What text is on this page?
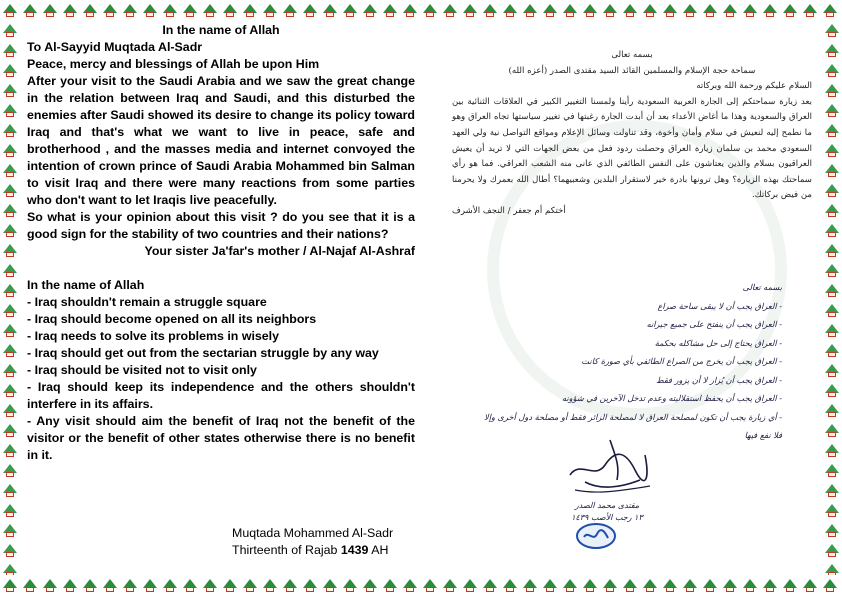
In the name of Allah

To Al-Sayyid Muqtada Al-Sadr

Peace, mercy and blessings of Allah be upon Him

After your visit to the Saudi Arabia and we saw the great change in the relation between Iraq and Saudi, and this disturbed the enemies after Saudi showed its desire to change its policy toward Iraq and that's what we want to live in peace, safe and brotherhood , and the masses media and internet convoyed the intention of crown prince of Saudi Arabia Mohammed bin Salman to visit Iraq and there were many reactions from some parties who don't want to let Iraqis live peacefully.

So what is your opinion about this visit ? do you see that it is a good sign for the stability of two countries and their nations?

Your sister Ja'far's mother / Al-Najaf Al-Ashraf

In the name of Allah

- Iraq shouldn't remain a struggle square
- Iraq should become opened on all its neighbors
- Iraq needs to solve its problems in wisely
- Iraq should get out from the sectarian struggle by any way
- Iraq should be visited not to visit only
- Iraq should keep its independence and the others shouldn't interfere in its affairs.
- Any visit should aim the benefit of Iraq not the benefit of the visitor or the benefit of other states otherwise there is no benefit in it.
Muqtada Mohammed Al-Sadr
Thirteenth of Rajab 1439 AH
بسمه تعالى
سماحة حجة الإسلام والمسلمين القائد السيد مقتدى الصدر (أعزه الله)
السلام عليكم ورحمة الله وبركاته
بعد زيارة سماحتكم إلى الجارة العربية السعودية رأينا ولمسنا التغيير الكبير في العلاقات الثنائية بين العراق والسعودية وهذا ما أغاض الأعداء بعد أن أبدت الجارة رغبتها في تغيير سياستها تجاه العراق وهو ما نطمح إليه لنعيش في سلام وأمان وأخوة، وقد تناولت وسائل الإعلام ومواقع التواصل نية ولي العهد السعودي محمد بن سلمان زيارة العراق وحصلت ردود فعل من بعض الجهات التي لا تريد أن يعيش العراقيون بسلام والذين يعتاشون على النفس الطائفي الذي عانى منه الشعب العراقي. فما هو رأي سماحتك بهذه الزيارة؟ وهل ترونها بادرة خير لاستقرار البلدين وشعبيهما؟ أطال الله بعمرك ولا يحرمنا من فيض بركاتك.
أختكم أم جعفر / النجف الأشرف
بسمه تعالى
- العراق يجب أن لا يبقى ساحة صراع
- العراق يجب أن ينفتح على جميع جيرانه
- العراق يحتاج إلى حل مشاكله بحكمة
- العراق يجب أن يخرج من الصراع الطائفي بأي صورة كانت
- العراق يجب أن يُزار لا أن يزور فقط
- العراق يجب أن يحفظ استقلاليته وعدم تدخل الآخرين في شؤونه
- أي زيارة يجب أن تكون لمصلحة العراق لا لمصلحة الزائر فقط أو مصلحة دول أخرى وإلا فلا نفع فيها
مقتدى محمد الصدر
١٣ رجب الأصب ١٤٣٩
